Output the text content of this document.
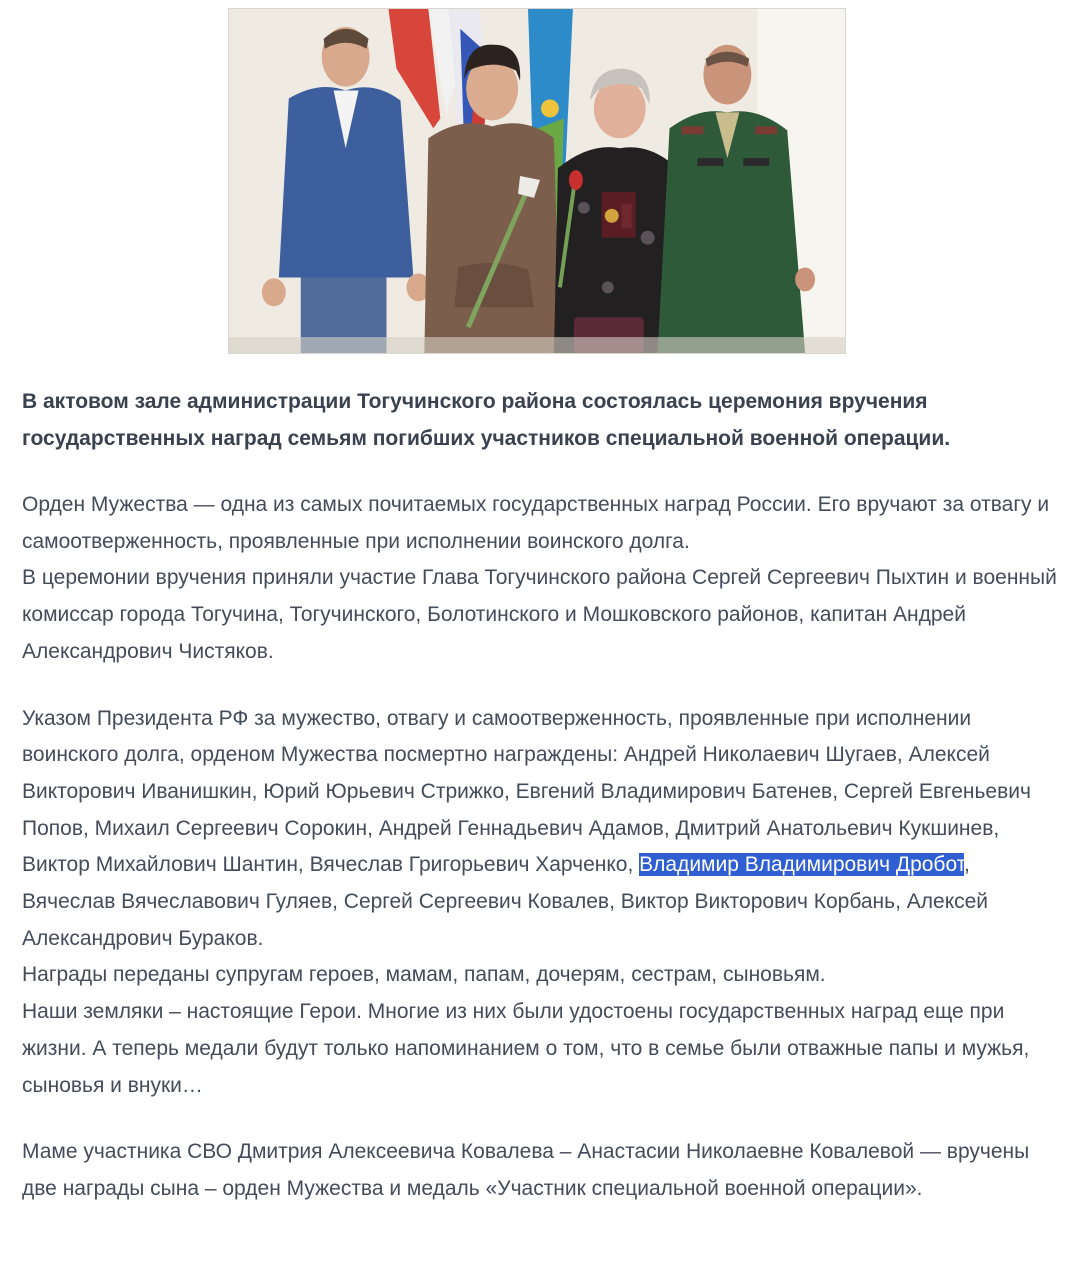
В актовом зале администрации Тогучинского района состоялась церемония вручения государственных наград семьям погибших участников специальной военной операции.

Орден Мужества — одна из самых почитаемых государственных наград России. Его вручают за отвагу и самоотверженность, проявленные при исполнении воинского долга.

В церемонии вручения приняли участие Глава Тогучинского района Сергей Сергеевич Пыхтин и военный комиссар города Тогучина, Тогучинского, Болотинского и Мошковского районов, капитан Андрей Александрович Чистяков.

Указом Президента РФ за мужество, отвагу и самоотверженность, проявленные при исполнении воинского долга, орденом Мужества посмертно награждены: Андрей Николаевич Шугаев, Алексей Викторович Иванишкин, Юрий Юрьевич Стрижко, Евгений Владимирович Батенев, Сергей Евгеньевич Попов, Михаил Сергеевич Сорокин, Андрей Геннадьевич Адамов, Дмитрий Анатольевич Кукшинев, Виктор Михайлович Шантин, Вячеслав Григорьевич Харченко, Владимир Владимирович Дробот, Вячеслав Вячеславович Гуляев, Сергей Сергеевич Ковалев, Виктор Викторович Корбань, Алексей Александрович Бураков.

Награды переданы супругам героев, мамам, папам, дочерям, сестрам, сыновьям.

Наши земляки – настоящие Герои. Многие из них были удостоены государственных наград еще при жизни. А теперь медали будут только напоминанием о том, что в семье были отважные папы и мужья, сыновья и внуки…

Маме участника СВО Дмитрия Алексеевича Ковалева – Анастасии Николаевне Ковалевой — вручены две награды сына – орден Мужества и медаль «Участник специальной военной операции».
